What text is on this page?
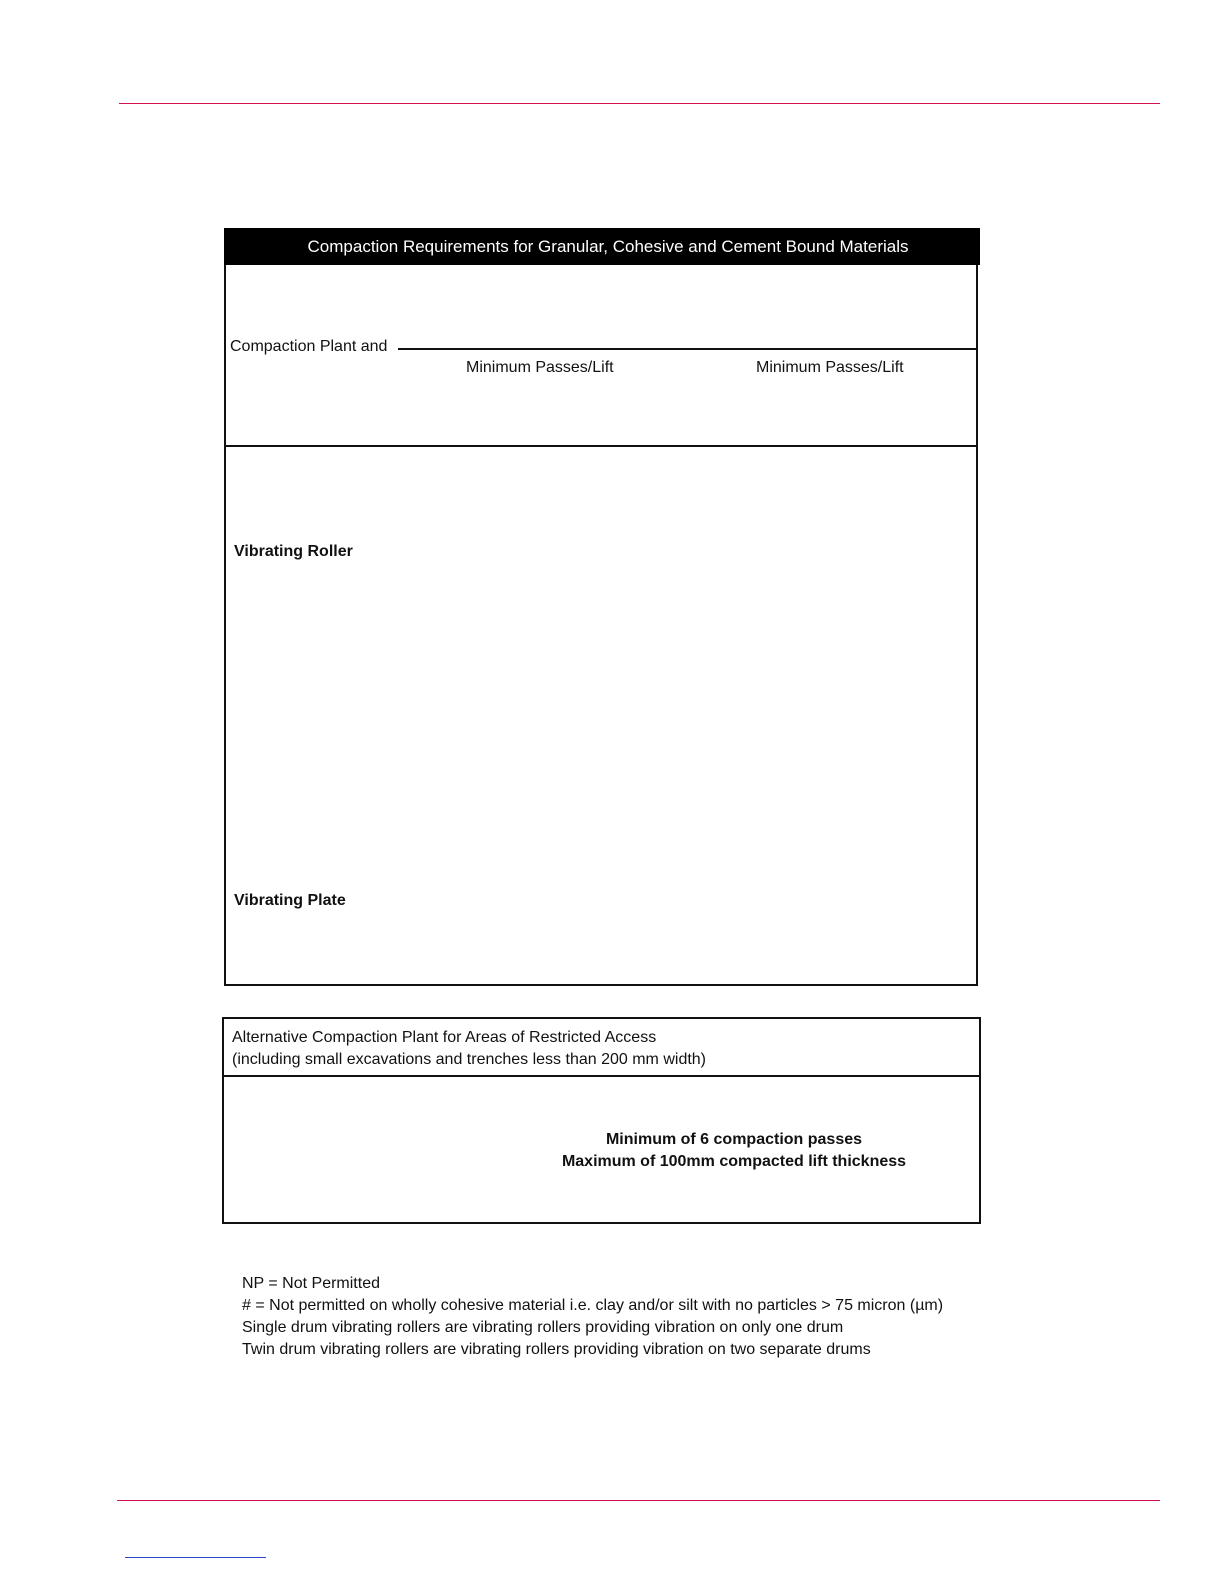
Compaction Requirements for Granular, Cohesive and Cement Bound Materials
Compaction Plant and
Minimum Passes/Lift	Minimum Passes/Lift
Vibrating Roller
Vibrating Plate
Alternative Compaction Plant for Areas of Restricted Access
(including small excavations and trenches less than 200 mm width)
Minimum of 6 compaction passes
Maximum of 100mm compacted lift thickness
NP = Not Permitted
# = Not permitted on wholly cohesive material i.e. clay and/or silt with no particles > 75 micron (µm)
Single drum vibrating rollers are vibrating rollers providing vibration on only one drum
Twin drum vibrating rollers are vibrating rollers providing vibration on two separate drums
